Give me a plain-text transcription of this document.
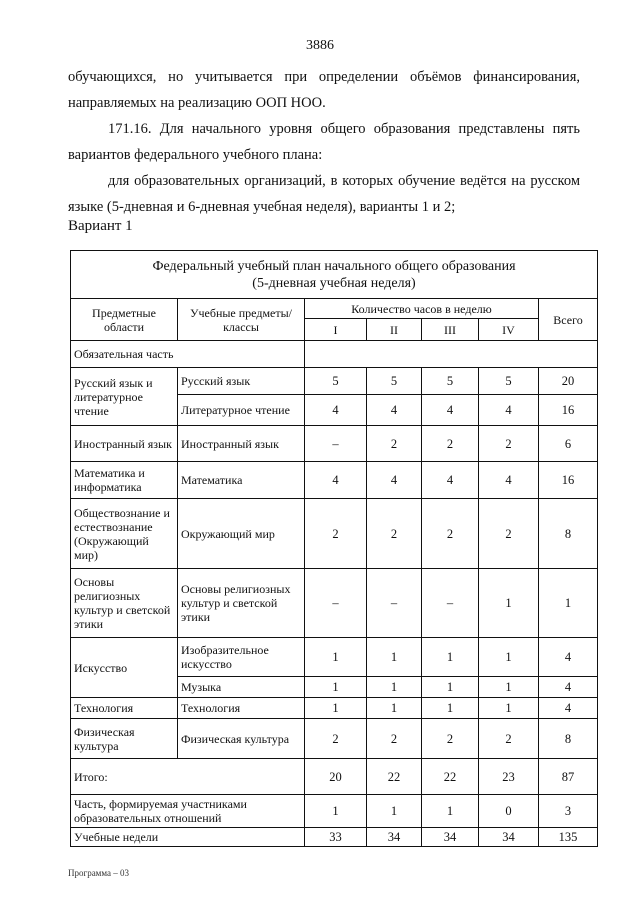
3886

обучающихся, но учитывается при определении объёмов финансирования,

направляемых на реализацию ООП НОО.

171.16. Для начального уровня общего образования представлены пять

вариантов федерального учебного плана:

для образовательных организаций, в которых обучение ведётся на русском

языке (5-дневная и 6-дневная учебная неделя), варианты 1 и 2;

Вариант 1
Федеральный учебный план начального общего образования
(5-дневная учебная неделя)						
Предметные области	Учебные предметы/ классы	Количество часов в неделю				Всего
		I	II	III	IV	
Обязательная часть						
Русский язык и литературное чтение	Русский язык	5	5	5	5	20
	Литературное чтение	4	4	4	4	16
Иностранный язык	Иностранный язык	–	2	2	2	6
Математика и информатика	Математика	4	4	4	4	16
Обществознание и естествознание (Окружающий мир)	Окружающий мир	2	2	2	2	8
Основы религиозных культур и светской этики	Основы религиозных культур и светской этики	–	–	–	1	1
Искусство	Изобразительное искусство	1	1	1	1	4
	Музыка	1	1	1	1	4
Технология	Технология	1	1	1	1	4
Физическая культура	Физическая культура	2	2	2	2	8
Итого:		20	22	22	23	87
Часть, формируемая участниками образовательных отношений		1	1	1	0	3
Учебные недели		33	34	34	34	135
Программа – 03
